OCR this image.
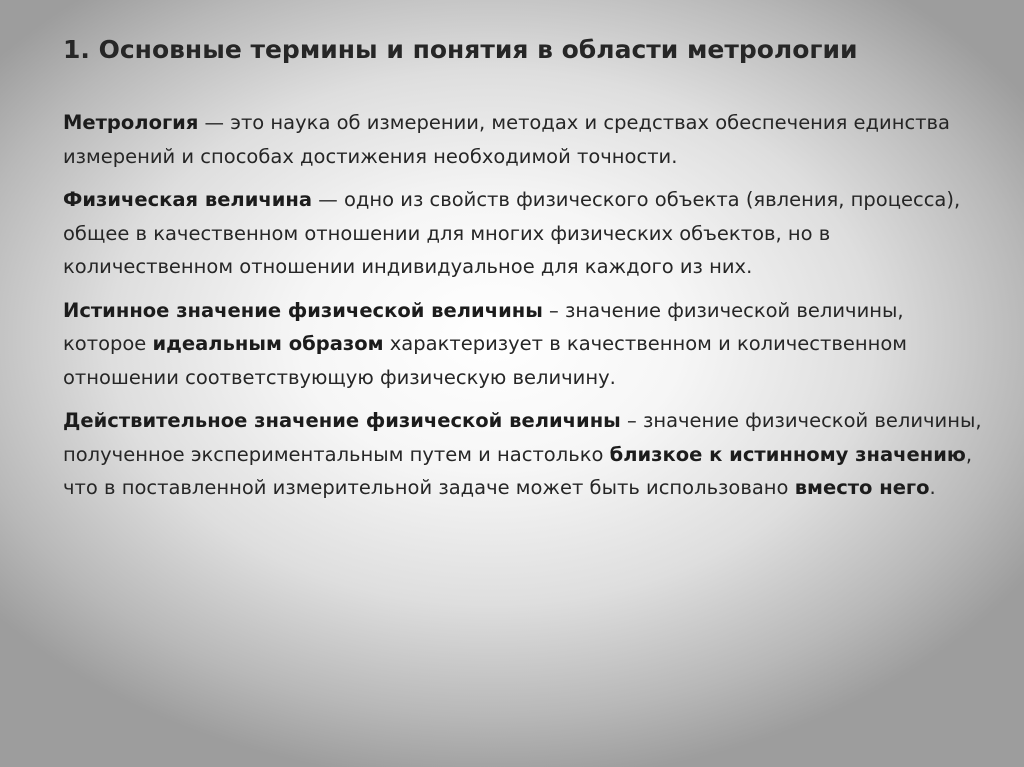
1. Основные термины и понятия в области метрологии

Метрология — это наука об измерении, методах и средствах обеспечения единства измерений и способах достижения необходимой точности.

Физическая величина — одно из свойств физического объекта (явления, процесса), общее в качественном отношении для многих физических объектов, но в количественном отношении индивидуальное для каждого из них.

Истинное значение физической величины – значение физической величины, которое идеальным образом характеризует в качественном и количественном отношении соответствующую физическую величину.

Действительное значение физической величины – значение физической величины, полученное экспериментальным путем и настолько близкое к истинному значению, что в поставленной измерительной задаче может быть использовано вместо него.
